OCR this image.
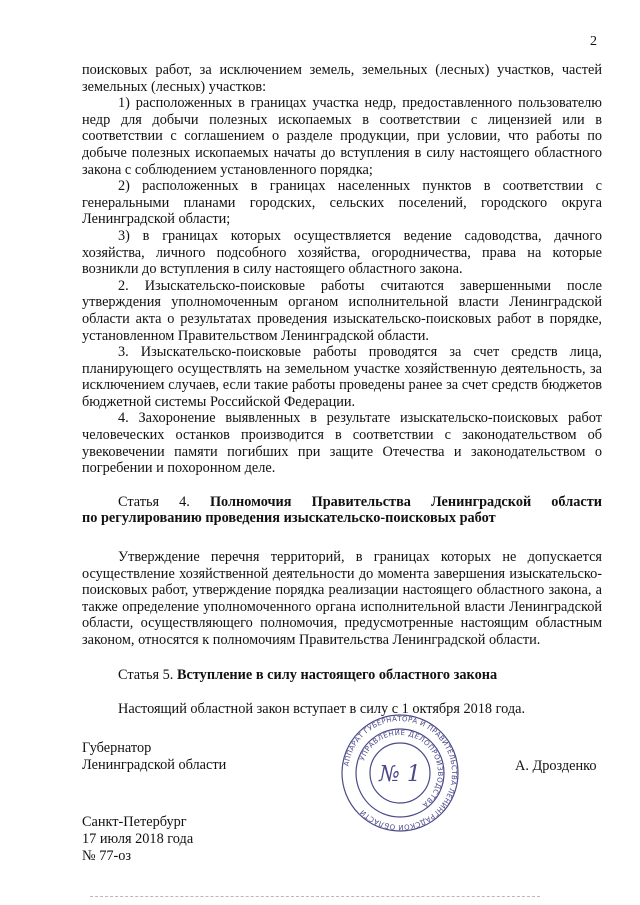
2

поисковых работ, за исключением земель, земельных (лесных) участков, частей земельных (лесных) участков:

1) расположенных в границах участка недр, предоставленного пользователю недр для добычи полезных ископаемых в соответствии с лицензией или в соответствии с соглашением о разделе продукции, при условии, что работы по добыче полезных ископаемых начаты до вступления в силу настоящего областного закона с соблюдением установленного порядка;

2) расположенных в границах населенных пунктов в соответствии с генеральными планами городских, сельских поселений, городского округа Ленинградской области;

3) в границах которых осуществляется ведение садоводства, дачного хозяйства, личного подсобного хозяйства, огородничества, права на которые возникли до вступления в силу настоящего областного закона.

2. Изыскательско-поисковые работы считаются завершенными после утверждения уполномоченным органом исполнительной власти Ленинградской области акта о результатах проведения изыскательско-поисковых работ в порядке, установленном Правительством Ленинградской области.

3. Изыскательско-поисковые работы проводятся за счет средств лица, планирующего осуществлять на земельном участке хозяйственную деятельность, за исключением случаев, если такие работы проведены ранее за счет средств бюджетов бюджетной системы Российской Федерации.

4. Захоронение выявленных в результате изыскательско-поисковых работ человеческих останков производится в соответствии с законодательством об увековечении памяти погибших при защите Отечества и законодательством о погребении и похоронном деле.

Статья 4. Полномочия Правительства Ленинградской области

по регулированию проведения изыскательско-поисковых работ

Утверждение перечня территорий, в границах которых не допускается осуществление хозяйственной деятельности до момента завершения изыскательско-поисковых работ, утверждение порядка реализации настоящего областного закона, а также определение уполномоченного органа исполнительной власти Ленинградской области, осуществляющего полномочия, предусмотренные настоящим областным законом, относятся к полномочиям Правительства Ленинградской области.

Статья 5. Вступление в силу настоящего областного закона

Настоящий областной закон вступает в силу с 1 октября 2018 года.

Губернатор
Ленинградской области	АППАРАТ ГУБЕРНАТОРА И ПРАВИТЕЛЬСТВА ЛЕНИНГРАДСКОЙ ОБЛАСТИ
УПРАВЛЕНИЕ ДЕЛОПРОИЗВОДСТВА
№ 1	А. Дрозденко
Санкт-Петербург
17 июля 2018 года
№ 77-оз
